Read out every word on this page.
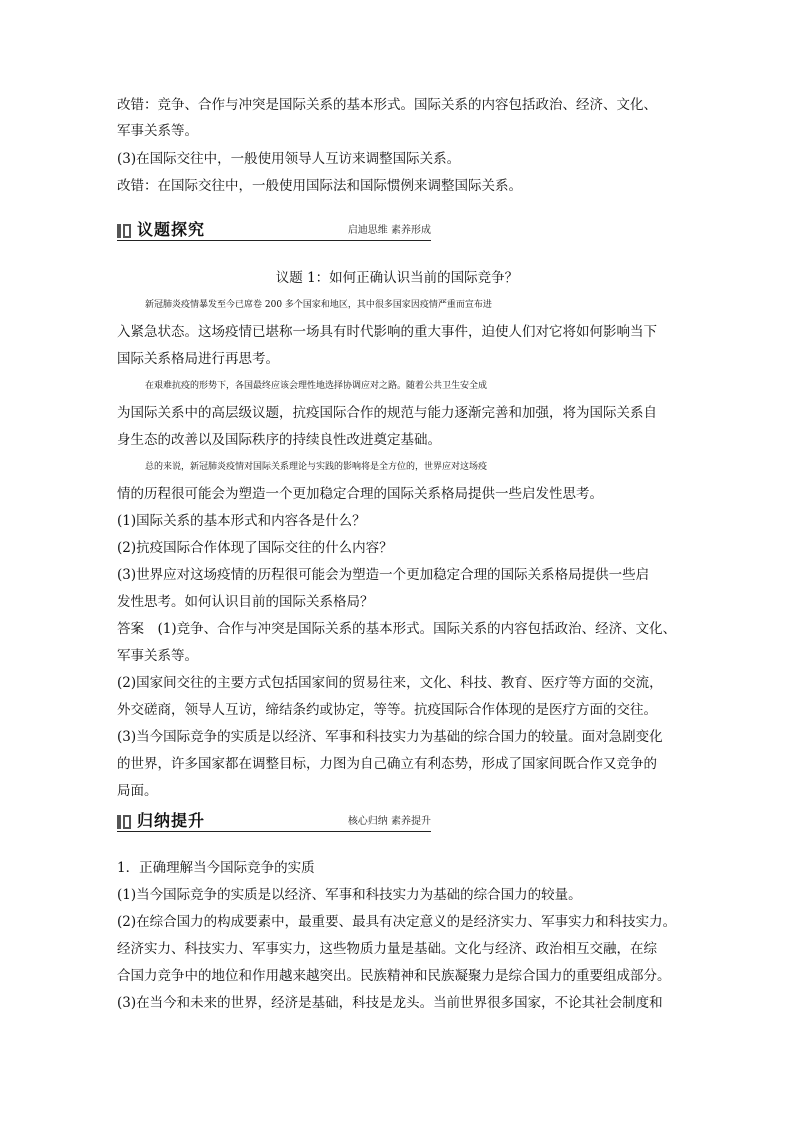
改错：竞争、合作与冲突是国际关系的基本形式。国际关系的内容包括政治、经济、文化、
军事关系等。
(3)在国际交往中，一般使用领导人互访来调整国际关系。
改错：在国际交往中，一般使用国际法和国际惯例来调整国际关系。
议题探究	启迪思维 素养形成
议题 1：如何正确认识当前的国际竞争？
新冠肺炎疫情暴发至今已席卷 200 多个国家和地区，其中很多国家因疫情严重而宣布进
入紧急状态。这场疫情已堪称一场具有时代影响的重大事件，迫使人们对它将如何影响当下
国际关系格局进行再思考。
在艰难抗疫的形势下，各国最终应该会理性地选择协调应对之路。随着公共卫生安全成
为国际关系中的高层级议题，抗疫国际合作的规范与能力逐渐完善和加强，将为国际关系自
身生态的改善以及国际秩序的持续良性改进奠定基础。
总的来说，新冠肺炎疫情对国际关系理论与实践的影响将是全方位的，世界应对这场疫
情的历程很可能会为塑造一个更加稳定合理的国际关系格局提供一些启发性思考。
(1)国际关系的基本形式和内容各是什么？
(2)抗疫国际合作体现了国际交往的什么内容？
(3)世界应对这场疫情的历程很可能会为塑造一个更加稳定合理的国际关系格局提供一些启
发性思考。如何认识目前的国际关系格局？
答案　(1)竞争、合作与冲突是国际关系的基本形式。国际关系的内容包括政治、经济、文化、
军事关系等。
(2)国家间交往的主要方式包括国家间的贸易往来，文化、科技、教育、医疗等方面的交流，
外交磋商，领导人互访，缔结条约或协定，等等。抗疫国际合作体现的是医疗方面的交往。
(3)当今国际竞争的实质是以经济、军事和科技实力为基础的综合国力的较量。面对急剧变化
的世界，许多国家都在调整目标，力图为自己确立有利态势，形成了国家间既合作又竞争的
局面。
归纳提升	核心归纳 素养提升
1．正确理解当今国际竞争的实质
(1)当今国际竞争的实质是以经济、军事和科技实力为基础的综合国力的较量。
(2)在综合国力的构成要素中，最重要、最具有决定意义的是经济实力、军事实力和科技实力。
经济实力、科技实力、军事实力，这些物质力量是基础。文化与经济、政治相互交融，在综
合国力竞争中的地位和作用越来越突出。民族精神和民族凝聚力是综合国力的重要组成部分。
(3)在当今和未来的世界，经济是基础，科技是龙头。当前世界很多国家，不论其社会制度和
